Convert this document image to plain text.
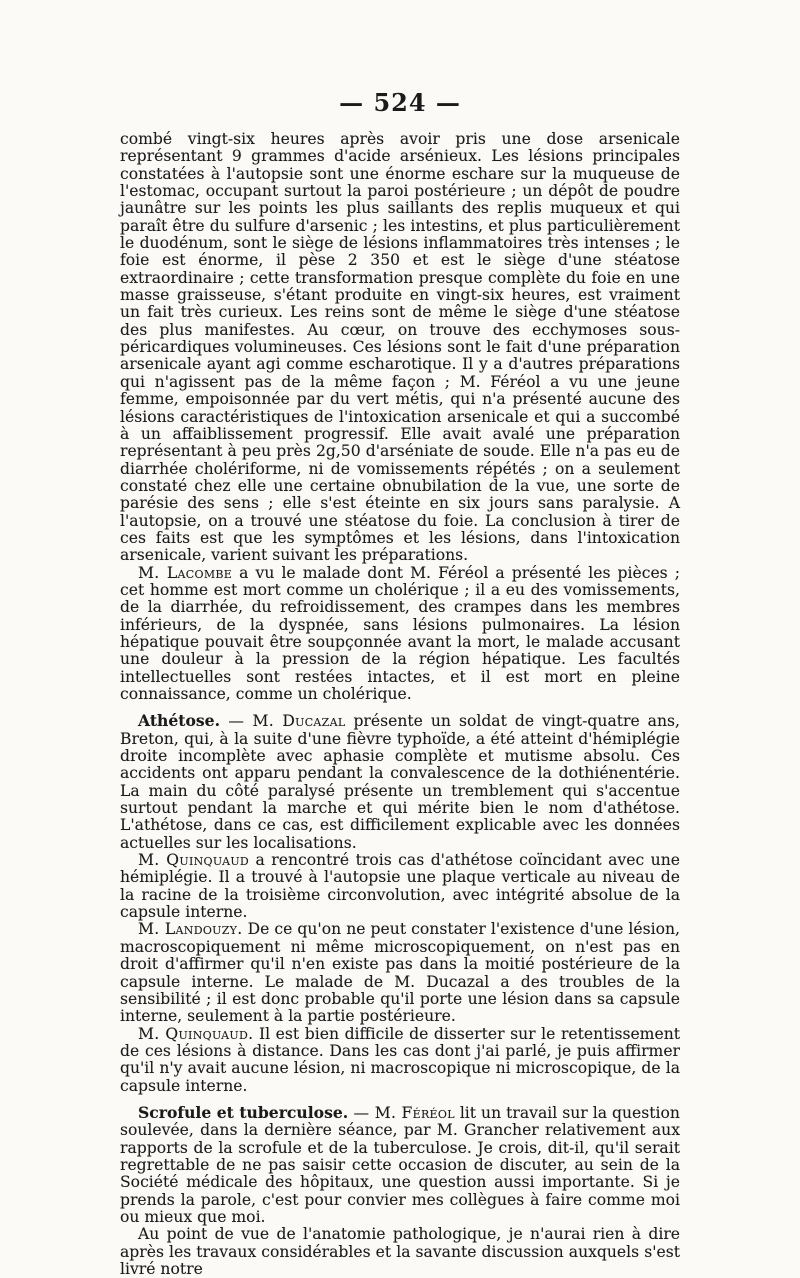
— 524 —

combé vingt-six heures après avoir pris une dose arsenicale représentant 9 grammes d'acide arsénieux. Les lésions principales constatées à l'autopsie sont une énorme eschare sur la muqueuse de l'estomac, occupant surtout la paroi postérieure ; un dépôt de poudre jaunâtre sur les points les plus saillants des replis muqueux et qui paraît être du sulfure d'arsenic ; les intestins, et plus particulièrement le duodénum, sont le siège de lésions inflammatoires très intenses ; le foie est énorme, il pèse 2 350 et est le siège d'une stéatose extraordinaire ; cette transformation presque complète du foie en une masse graisseuse, s'étant produite en vingt-six heures, est vraiment un fait très curieux. Les reins sont de même le siège d'une stéatose des plus manifestes. Au cœur, on trouve des ecchymoses sous-péricardiques volumineuses. Ces lésions sont le fait d'une préparation arsenicale ayant agi comme escharotique. Il y a d'autres préparations qui n'agissent pas de la même façon ; M. Féréol a vu une jeune femme, empoisonnée par du vert métis, qui n'a présenté aucune des lésions caractéristiques de l'intoxication arsenicale et qui a succombé à un affaiblissement progressif. Elle avait avalé une préparation représentant à peu près 2g,50 d'arséniate de soude. Elle n'a pas eu de diarrhée cholériforme, ni de vomissements répétés ; on a seulement constaté chez elle une certaine obnubilation de la vue, une sorte de parésie des sens ; elle s'est éteinte en six jours sans paralysie. A l'autopsie, on a trouvé une stéatose du foie. La conclusion à tirer de ces faits est que les symptômes et les lésions, dans l'intoxication arsenicale, varient suivant les préparations.

M. Lacombe a vu le malade dont M. Féréol a présenté les pièces ; cet homme est mort comme un cholérique ; il a eu des vomissements, de la diarrhée, du refroidissement, des crampes dans les membres inférieurs, de la dyspnée, sans lésions pulmonaires. La lésion hépatique pouvait être soupçonnée avant la mort, le malade accusant une douleur à la pression de la région hépatique. Les facultés intellectuelles sont restées intactes, et il est mort en pleine connaissance, comme un cholérique.

Athétose. — M. Ducazal présente un soldat de vingt-quatre ans, Breton, qui, à la suite d'une fièvre typhoïde, a été atteint d'hémiplégie droite incomplète avec aphasie complète et mutisme absolu. Ces accidents ont apparu pendant la convalescence de la dothiénentérie. La main du côté paralysé présente un tremblement qui s'accentue surtout pendant la marche et qui mérite bien le nom d'athétose. L'athétose, dans ce cas, est difficilement explicable avec les données actuelles sur les localisations.

M. Quinquaud a rencontré trois cas d'athétose coïncidant avec une hémiplégie. Il a trouvé à l'autopsie une plaque verticale au niveau de la racine de la troisième circonvolution, avec intégrité absolue de la capsule interne.

M. Landouzy. De ce qu'on ne peut constater l'existence d'une lésion, macroscopiquement ni même microscopiquement, on n'est pas en droit d'affirmer qu'il n'en existe pas dans la moitié postérieure de la capsule interne. Le malade de M. Ducazal a des troubles de la sensibilité ; il est donc probable qu'il porte une lésion dans sa capsule interne, seulement à la partie postérieure.

M. Quinquaud. Il est bien difficile de disserter sur le retentissement de ces lésions à distance. Dans les cas dont j'ai parlé, je puis affirmer qu'il n'y avait aucune lésion, ni macroscopique ni microscopique, de la capsule interne.

Scrofule et tuberculose. — M. Féréol lit un travail sur la question soulevée, dans la dernière séance, par M. Grancher relativement aux rapports de la scrofule et de la tuberculose. Je crois, dit-il, qu'il serait regrettable de ne pas saisir cette occasion de discuter, au sein de la Société médicale des hôpitaux, une question aussi importante. Si je prends la parole, c'est pour convier mes collègues à faire comme moi ou mieux que moi.

Au point de vue de l'anatomie pathologique, je n'aurai rien à dire après les travaux considérables et la savante discussion auxquels s'est livré notre
